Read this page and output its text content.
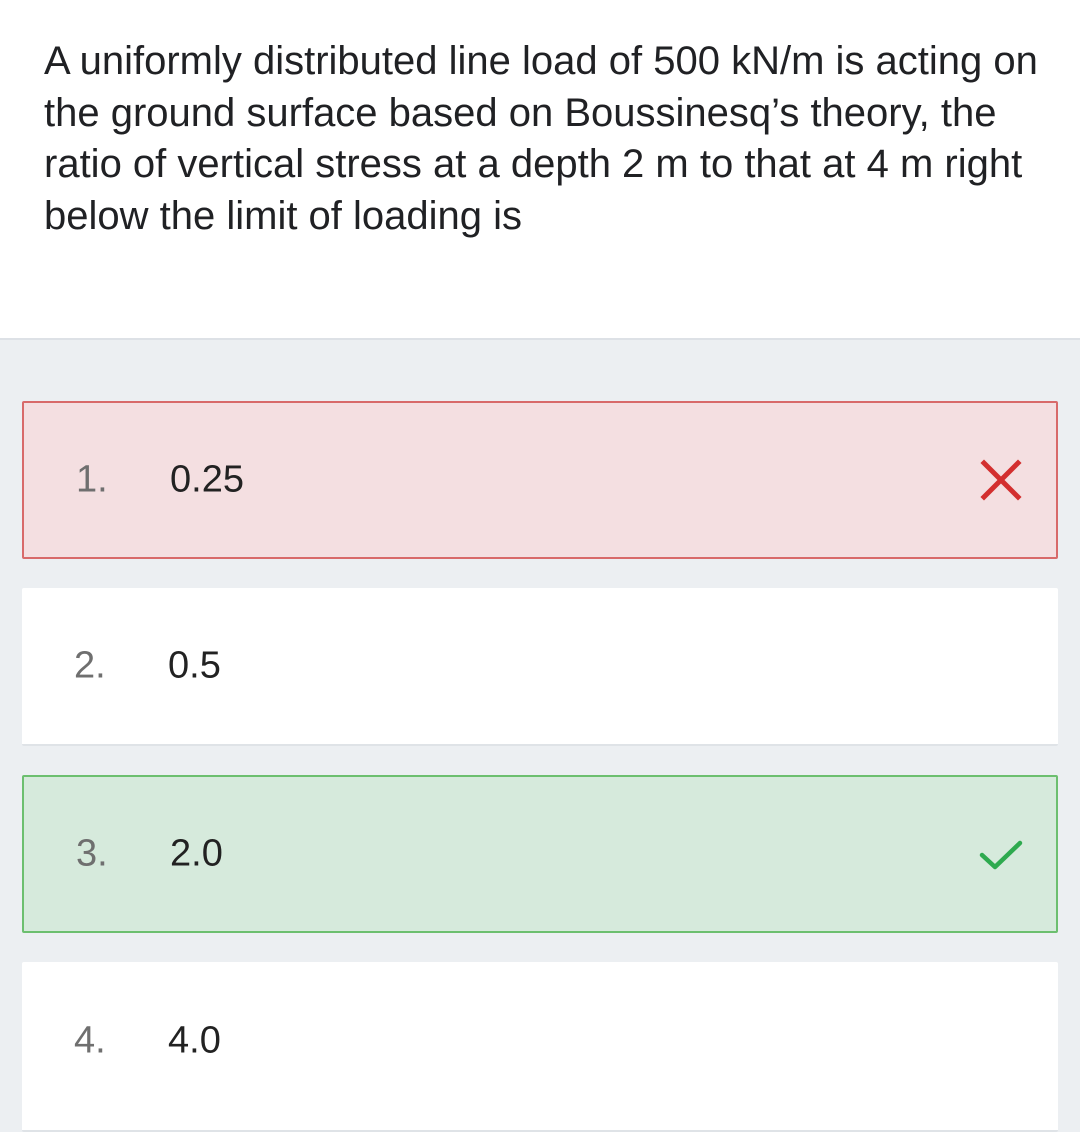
A uniformly distributed line load of 500 kN/m is acting on the ground surface based on Boussinesq’s theory, the ratio of vertical stress at a depth 2 m to that at 4 m right below the limit of loading is

1. 0.25
2. 0.5
3. 2.0
4. 4.0
